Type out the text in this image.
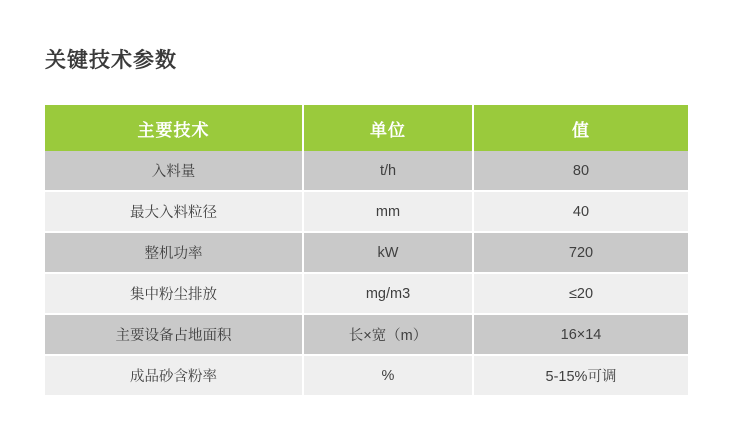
关键技术参数
主要技术	单位	值
入料量	t/h	80
最大入料粒径	mm	40
整机功率	kW	720
集中粉尘排放	mg/m3	≤20
主要设备占地面积	长×宽（m）	16×14
成品砂含粉率	%	5-15%可调
